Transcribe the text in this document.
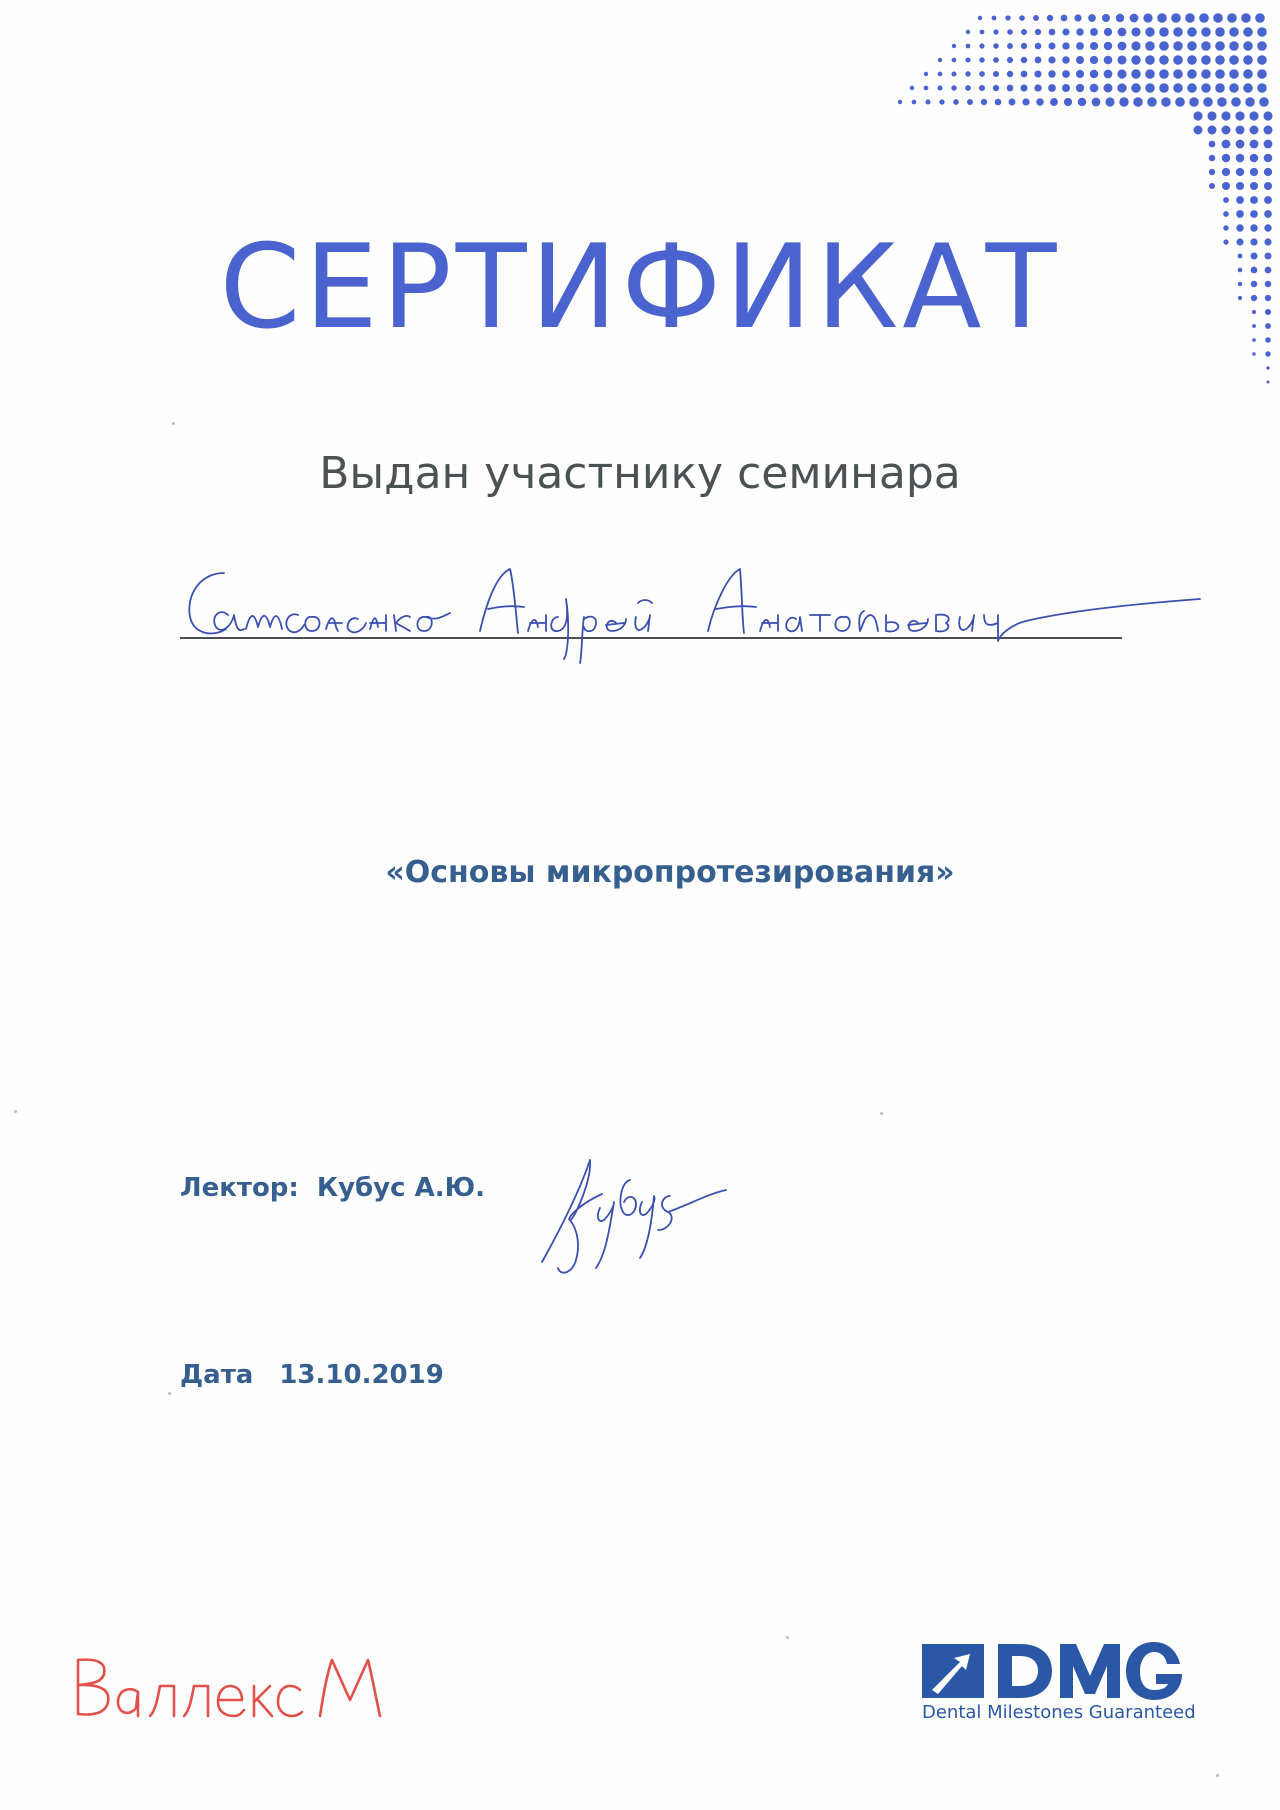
СЕРТИФИКАТ
Выдан участнику семинара
«Основы микропротезирования»
Лектор: Кубус А.Ю.
Дата 13.10.2019
Dental Milestones Guaranteed
